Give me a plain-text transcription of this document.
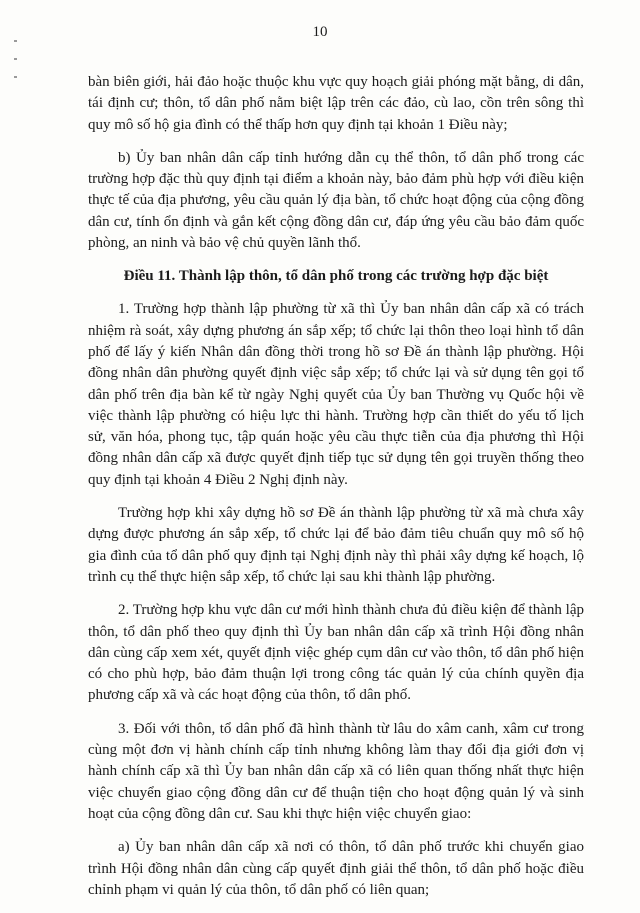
10

bàn biên giới, hải đảo hoặc thuộc khu vực quy hoạch giải phóng mặt bằng, di dân, tái định cư; thôn, tổ dân phố nằm biệt lập trên các đảo, cù lao, cồn trên sông thì quy mô số hộ gia đình có thể thấp hơn quy định tại khoản 1 Điều này;

b) Ủy ban nhân dân cấp tỉnh hướng dẫn cụ thể thôn, tổ dân phố trong các trường hợp đặc thù quy định tại điểm a khoản này, bảo đảm phù hợp với điều kiện thực tế của địa phương, yêu cầu quản lý địa bàn, tổ chức hoạt động của cộng đồng dân cư, tính ổn định và gắn kết cộng đồng dân cư, đáp ứng yêu cầu bảo đảm quốc phòng, an ninh và bảo vệ chủ quyền lãnh thổ.

Điều 11. Thành lập thôn, tổ dân phố trong các trường hợp đặc biệt

1. Trường hợp thành lập phường từ xã thì Ủy ban nhân dân cấp xã có trách nhiệm rà soát, xây dựng phương án sắp xếp; tổ chức lại thôn theo loại hình tổ dân phố để lấy ý kiến Nhân dân đồng thời trong hồ sơ Đề án thành lập phường. Hội đồng nhân dân phường quyết định việc sắp xếp; tổ chức lại và sử dụng tên gọi tổ dân phố trên địa bàn kể từ ngày Nghị quyết của Ủy ban Thường vụ Quốc hội về việc thành lập phường có hiệu lực thi hành. Trường hợp cần thiết do yếu tố lịch sử, văn hóa, phong tục, tập quán hoặc yêu cầu thực tiễn của địa phương thì Hội đồng nhân dân cấp xã được quyết định tiếp tục sử dụng tên gọi truyền thống theo quy định tại khoản 4 Điều 2 Nghị định này.

Trường hợp khi xây dựng hồ sơ Đề án thành lập phường từ xã mà chưa xây dựng được phương án sắp xếp, tổ chức lại để bảo đảm tiêu chuẩn quy mô số hộ gia đình của tổ dân phố quy định tại Nghị định này thì phải xây dựng kế hoạch, lộ trình cụ thể thực hiện sắp xếp, tổ chức lại sau khi thành lập phường.

2. Trường hợp khu vực dân cư mới hình thành chưa đủ điều kiện để thành lập thôn, tổ dân phố theo quy định thì Ủy ban nhân dân cấp xã trình Hội đồng nhân dân cùng cấp xem xét, quyết định việc ghép cụm dân cư vào thôn, tổ dân phố hiện có cho phù hợp, bảo đảm thuận lợi trong công tác quản lý của chính quyền địa phương cấp xã và các hoạt động của thôn, tổ dân phố.

3. Đối với thôn, tổ dân phố đã hình thành từ lâu do xâm canh, xâm cư trong cùng một đơn vị hành chính cấp tỉnh nhưng không làm thay đổi địa giới đơn vị hành chính cấp xã thì Ủy ban nhân dân cấp xã có liên quan thống nhất thực hiện việc chuyển giao cộng đồng dân cư để thuận tiện cho hoạt động quản lý và sinh hoạt của cộng đồng dân cư. Sau khi thực hiện việc chuyển giao:

a) Ủy ban nhân dân cấp xã nơi có thôn, tổ dân phố trước khi chuyển giao trình Hội đồng nhân dân cùng cấp quyết định giải thể thôn, tổ dân phố hoặc điều chỉnh phạm vi quản lý của thôn, tổ dân phố có liên quan;
